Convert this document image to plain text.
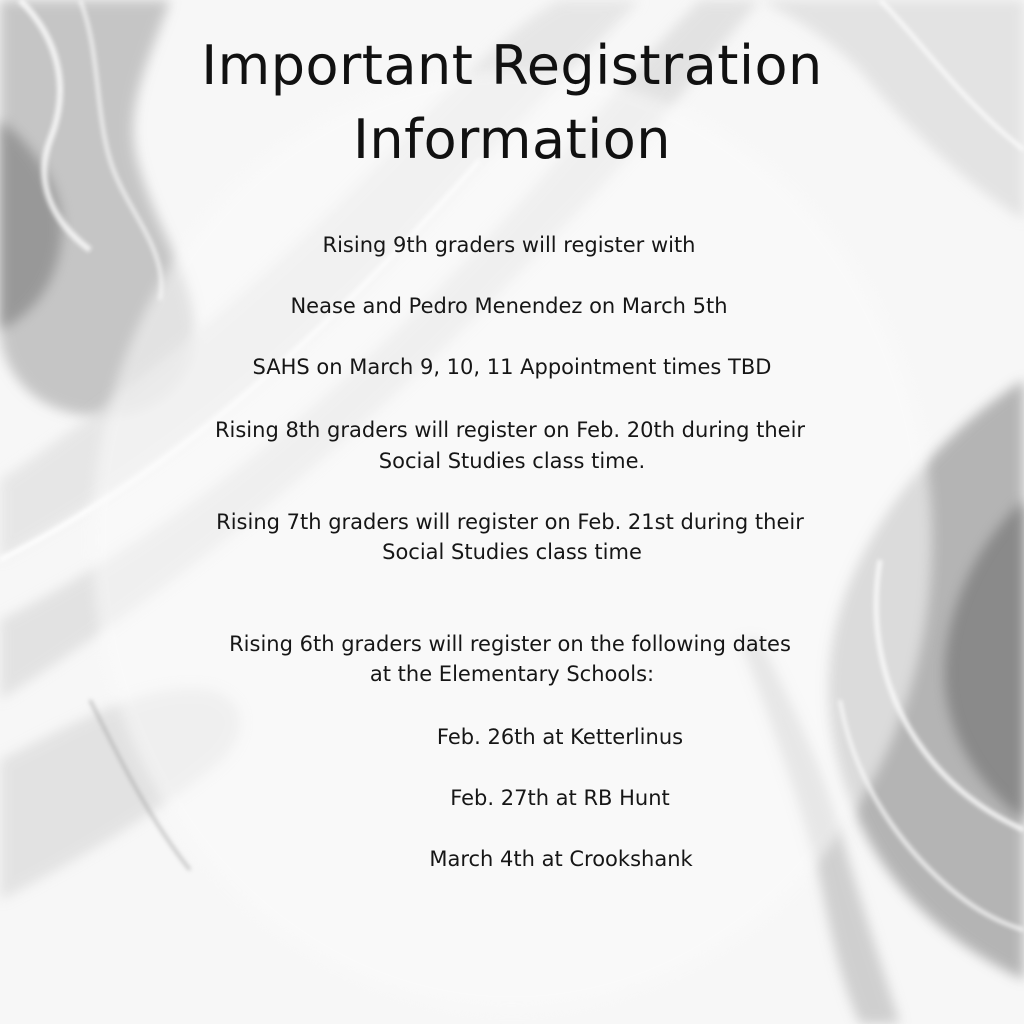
Important Registration
Information
Rising 9th graders will register with
Nease and Pedro Menendez on March 5th
SAHS on March 9, 10, 11 Appointment times TBD
Rising 8th graders will register on Feb. 20th during their
Social Studies class time.
Rising 7th graders will register on Feb. 21st during their
Social Studies class time
Rising 6th graders will register on the following dates
at the Elementary Schools:
Feb. 26th at Ketterlinus
Feb. 27th at RB Hunt
March 4th at Crookshank
